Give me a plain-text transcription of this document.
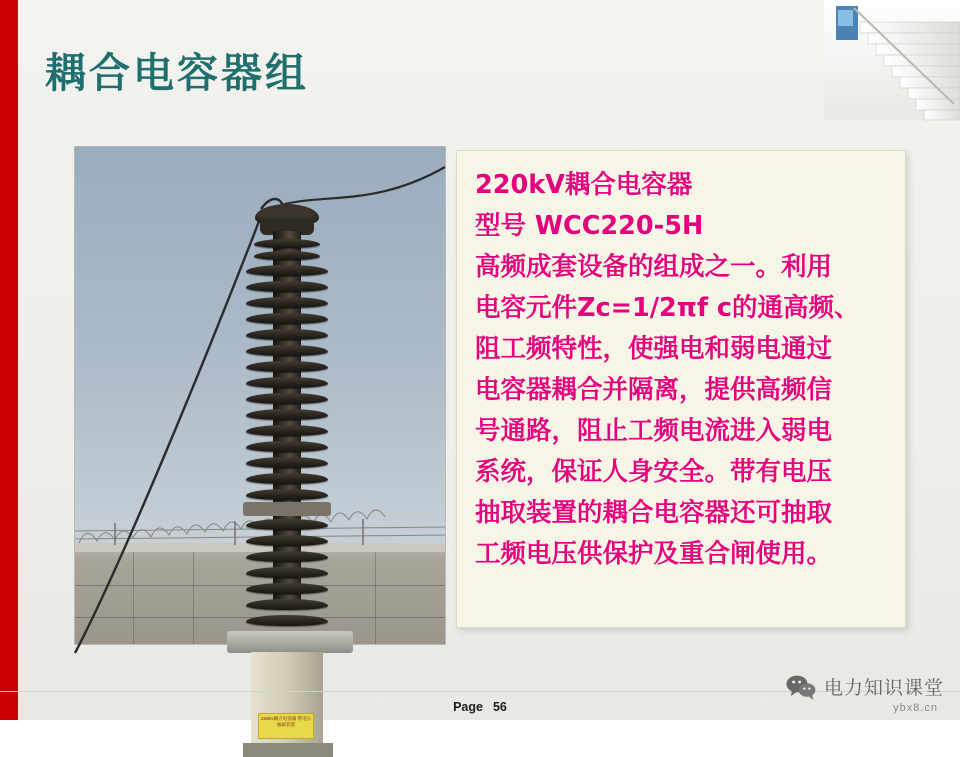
耦合电容器组
220kV耦合电容器 带电压抽取装置
220kV耦合电容器
型号 WCC220-5H
高频成套设备的组成之一。利用
电容元件Zc=1/2πf c的通高频、
阻工频特性，使强电和弱电通过
电容器耦合并隔离，提供高频信
号通路，阻止工频电流进入弱电
系统，保证人身安全。带有电压
抽取装置的耦合电容器还可抽取
工频电压供保护及重合闸使用。
Page 56
电力知识课堂
ybx8.cn
